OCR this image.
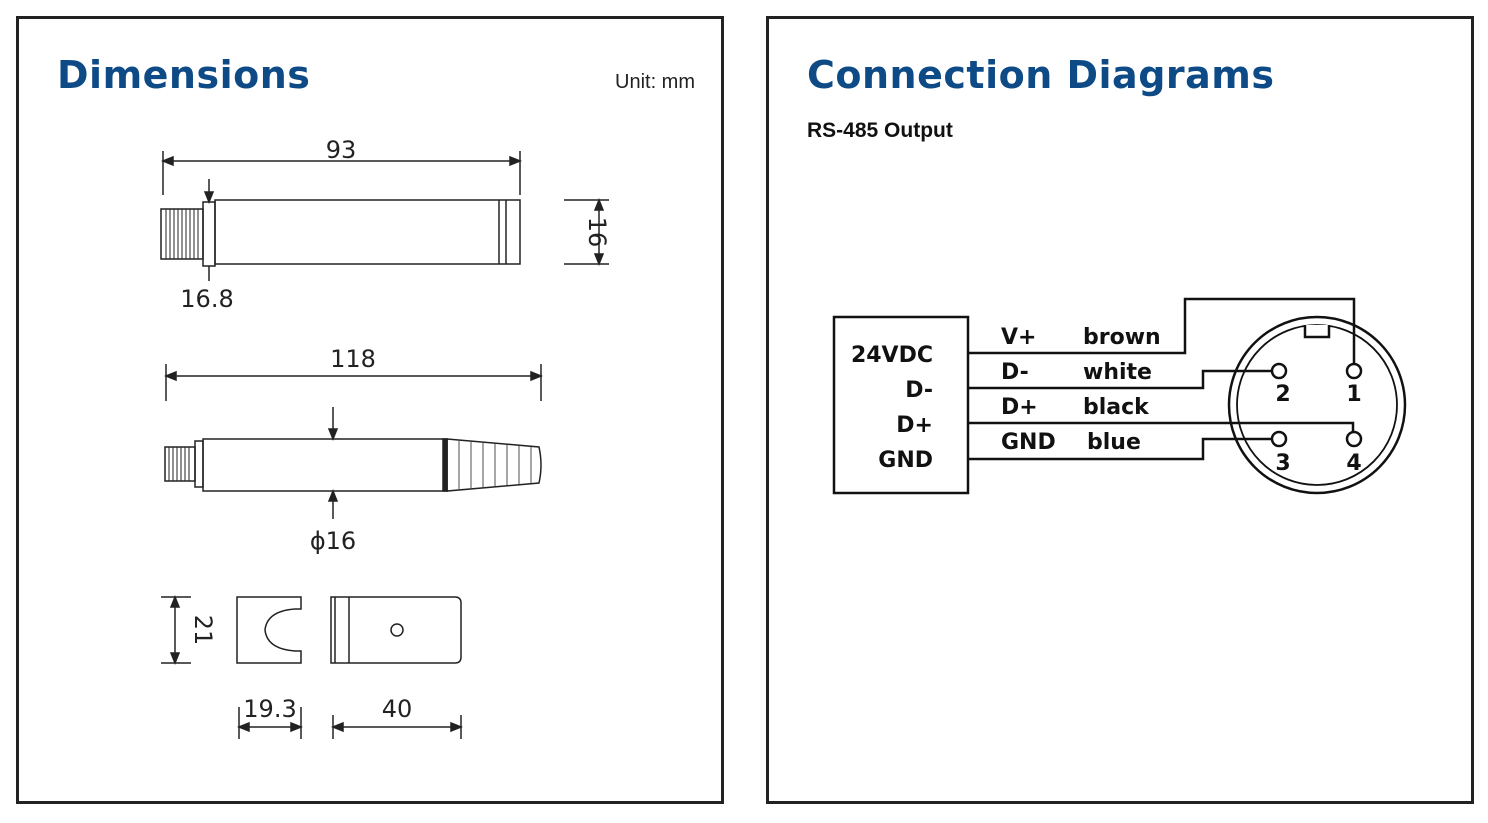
Dimensions	Unit: mm
93
16.8
16
118
ϕ16
21
19.3	40
Connection Diagrams
RS-485 Output
24VDC
D-
D+
GND
V+ brown
D- white
D+ black
GND blue
1
2
3	4
